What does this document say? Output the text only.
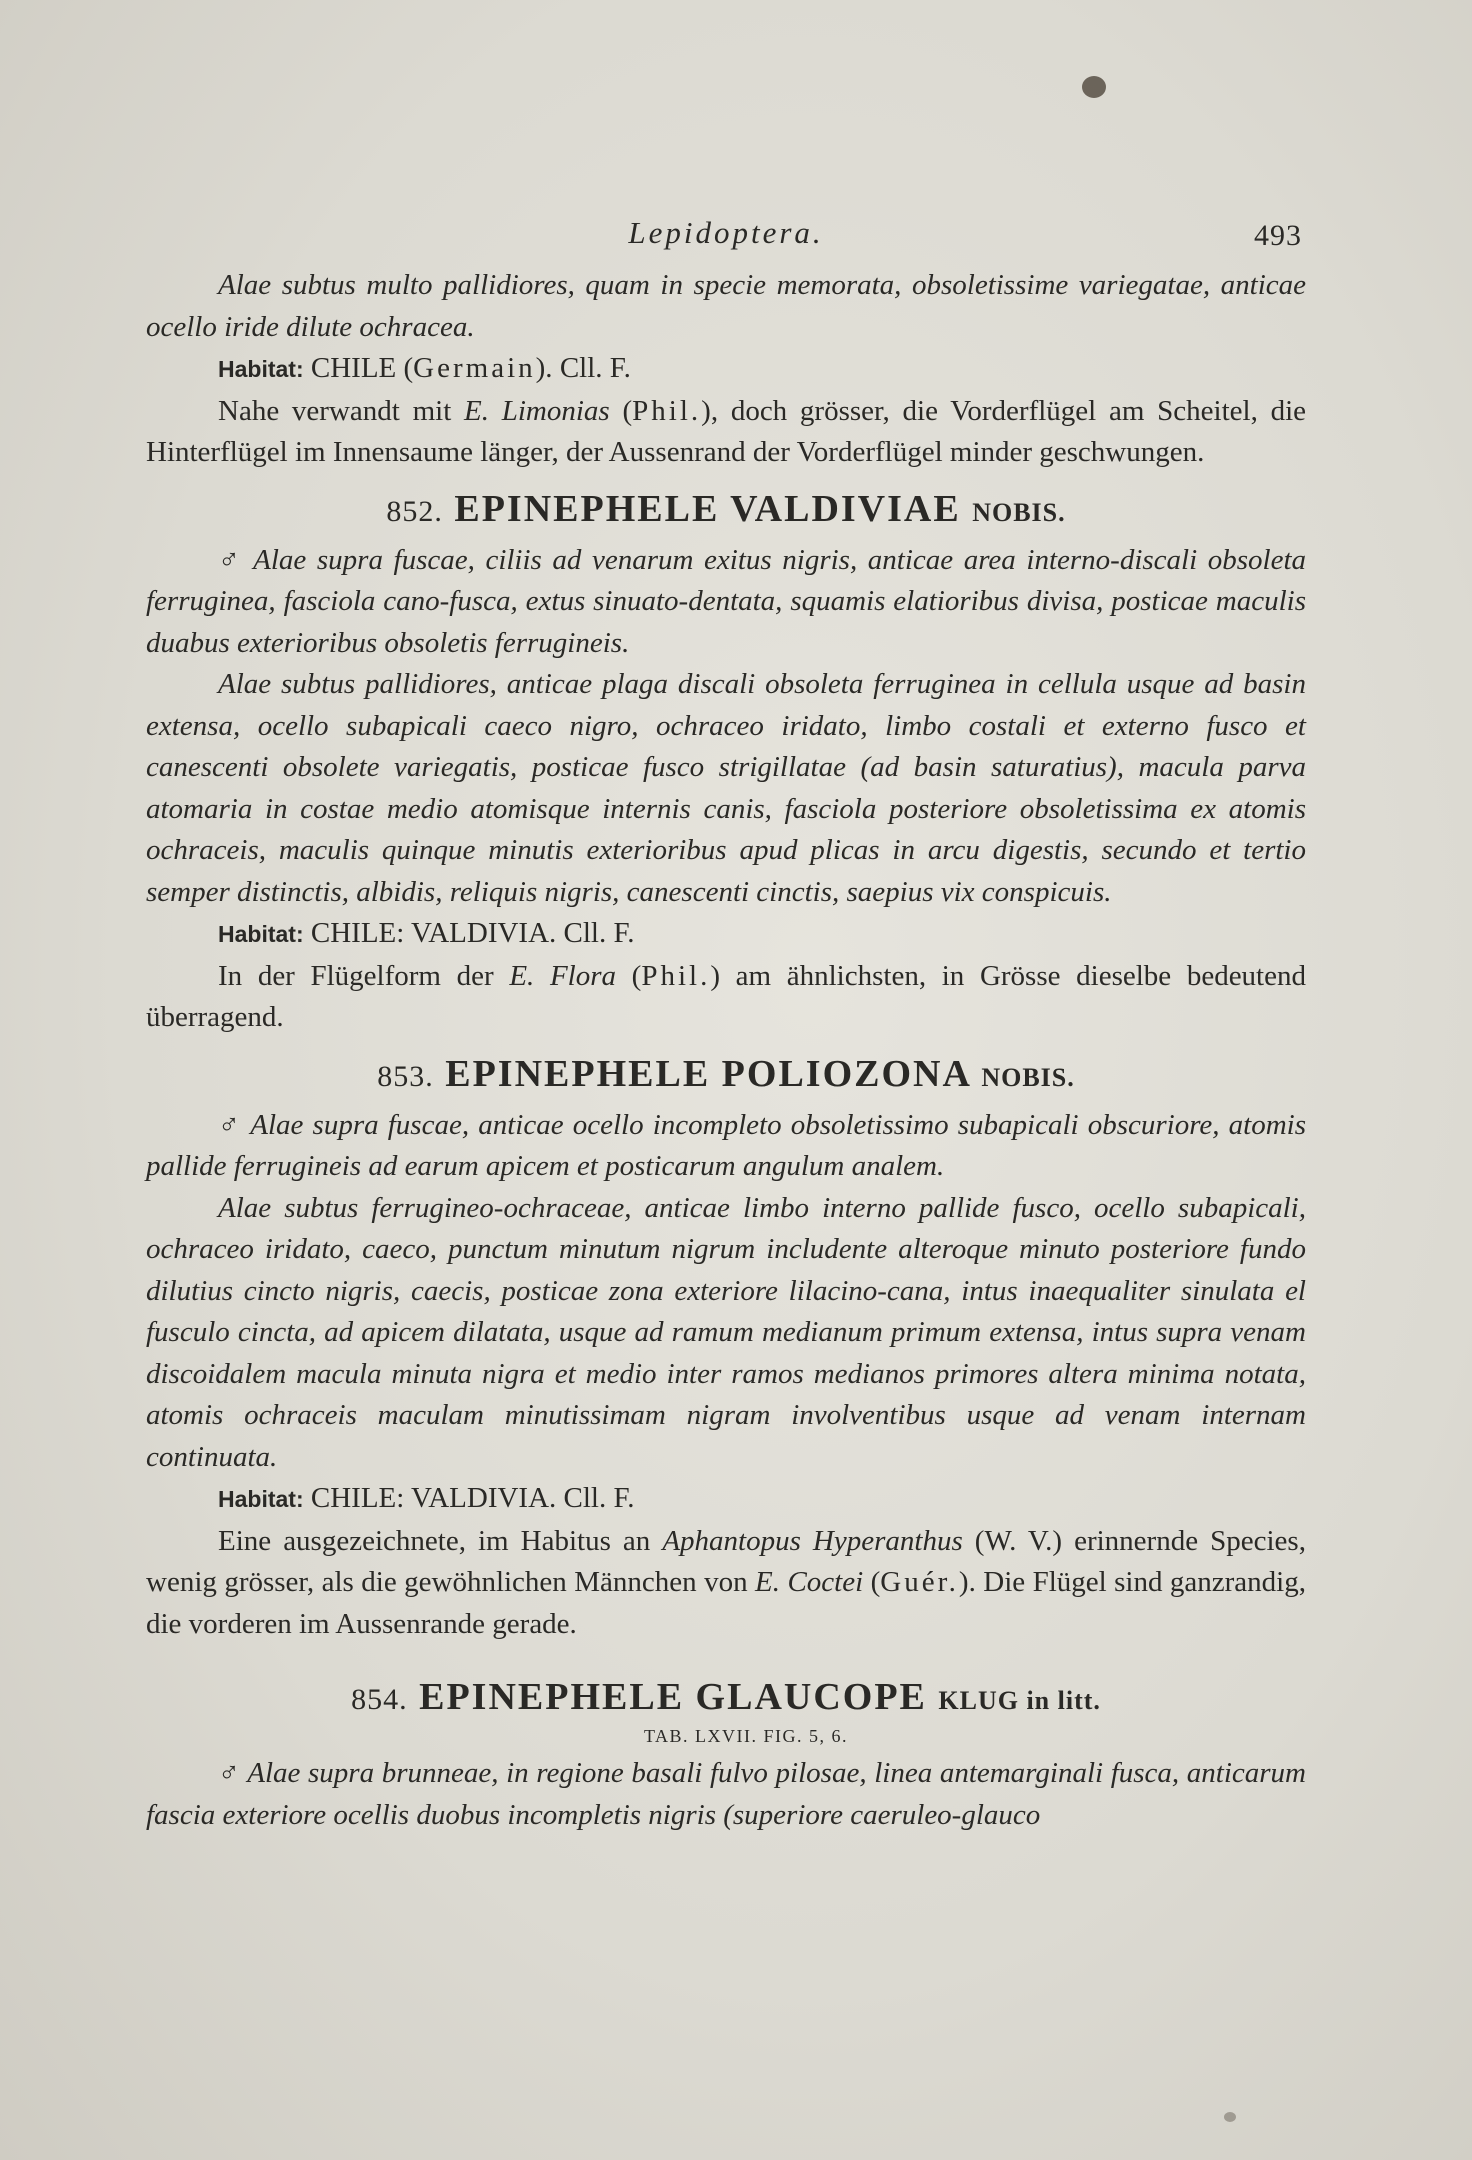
Lepidoptera.	493

Alae subtus multo pallidiores, quam in specie memorata, obsoletissime variegatae, anticae ocello iride dilute ochracea.

Habitat: CHILE (Germain). Cll. F.

Nahe verwandt mit E. Limonias (Phil.), doch grösser, die Vorderflügel am Scheitel, die Hinterflügel im Innensaume länger, der Aussenrand der Vorderflügel minder geschwungen.

852. EPINEPHELE VALDIVIAE NOBIS.

♂ Alae supra fuscae, ciliis ad venarum exitus nigris, anticae area interno-discali obsoleta ferruginea, fasciola cano-fusca, extus sinuato-dentata, squamis elatioribus divisa, posticae maculis duabus exterioribus obsoletis ferrugineis.

Alae subtus pallidiores, anticae plaga discali obsoleta ferruginea in cellula usque ad basin extensa, ocello subapicali caeco nigro, ochraceo iridato, limbo costali et externo fusco et canescenti obsolete variegatis, posticae fusco strigillatae (ad basin saturatius), macula parva atomaria in costae medio atomisque internis canis, fasciola posteriore obsoletissima ex atomis ochraceis, maculis quinque minutis exterioribus apud plicas in arcu digestis, secundo et tertio semper distinctis, albidis, reliquis nigris, canescenti cinctis, saepius vix conspicuis.

Habitat: CHILE: VALDIVIA. Cll. F.

In der Flügelform der E. Flora (Phil.) am ähnlichsten, in Grösse dieselbe bedeutend überragend.

853. EPINEPHELE POLIOZONA NOBIS.

♂ Alae supra fuscae, anticae ocello incompleto obsoletissimo subapicali obscuriore, atomis pallide ferrugineis ad earum apicem et posticarum angulum analem.

Alae subtus ferrugineo-ochraceae, anticae limbo interno pallide fusco, ocello subapicali, ochraceo iridato, caeco, punctum minutum nigrum includente alteroque minuto posteriore fundo dilutius cincto nigris, caecis, posticae zona exteriore lilacino-cana, intus inaequaliter sinulata el fusculo cincta, ad apicem dilatata, usque ad ramum medianum primum extensa, intus supra venam discoidalem macula minuta nigra et medio inter ramos medianos primores altera minima notata, atomis ochraceis maculam minutissimam nigram involventibus usque ad venam internam continuata.

Habitat: CHILE: VALDIVIA. Cll. F.

Eine ausgezeichnete, im Habitus an Aphantopus Hyperanthus (W. V.) erinnernde Species, wenig grösser, als die gewöhnlichen Männchen von E. Coctei (Guér.). Die Flügel sind ganzrandig, die vorderen im Aussenrande gerade.

854. EPINEPHELE GLAUCOPE KLUG in litt.
TAB. LXVII. FIG. 5, 6.

♂ Alae supra brunneae, in regione basali fulvo pilosae, linea antemarginali fusca, anticarum fascia exteriore ocellis duobus incompletis nigris (superiore caeruleo-glauco
